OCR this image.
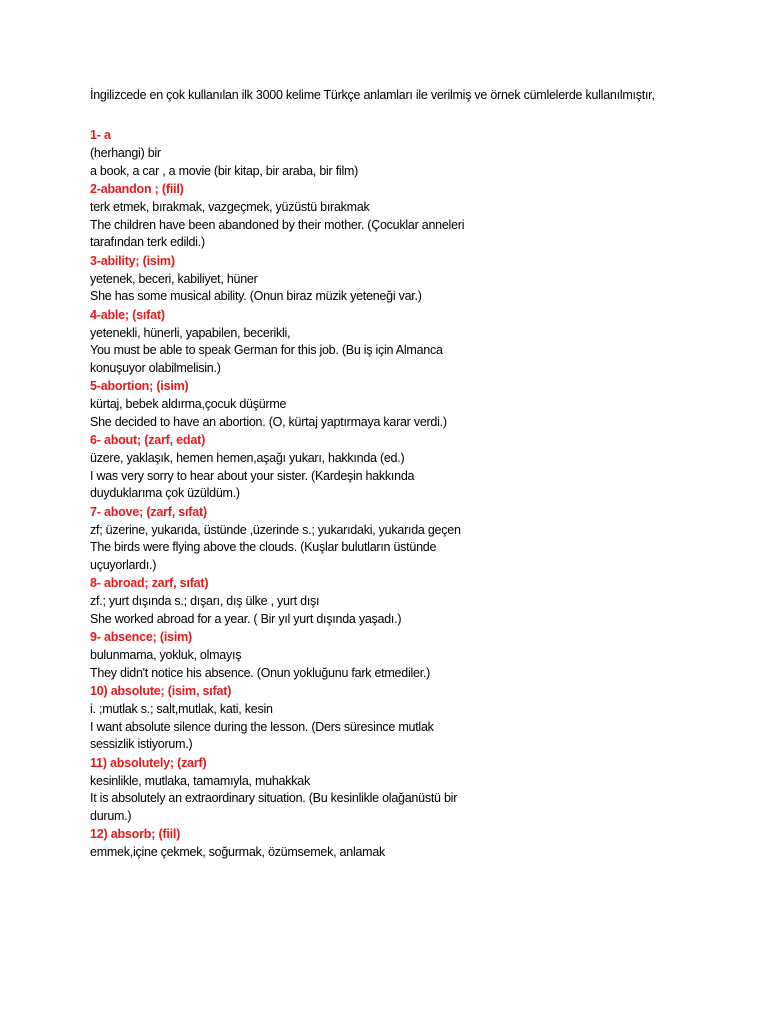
İngilizcede en çok kullanılan ilk 3000 kelime Türkçe anlamları ile verilmiş ve örnek cümlelerde kullanılmıştır,
1- a
(herhangi) bir
a book, a car , a movie (bir kitap, bir araba, bir film)
2-abandon ; (fiil)
terk etmek, bırakmak, vazgeçmek, yüzüstü bırakmak
The children have been abandoned by their mother. (Çocuklar anneleri tarafından terk edildi.)
3-ability; (isim)
yetenek, beceri, kabiliyet, hüner
She has some musical ability. (Onun biraz müzik yeteneği var.)
4-able; (sıfat)
yetenekli, hünerli, yapabilen, becerikli,
You must be able to speak German for this job. (Bu iş için Almanca konuşuyor olabilmelisin.)
5-abortion; (isim)
kürtaj, bebek aldırma,çocuk düşürme
She decided to have an abortion. (O, kürtaj yaptırmaya karar verdi.)
6- about; (zarf, edat)
üzere, yaklaşık, hemen hemen,aşağı yukarı, hakkında (ed.)
I was very sorry to hear about your sister. (Kardeşin hakkında duyduklarıma çok üzüldüm.)
7- above; (zarf, sıfat)
zf; üzerine, yukarıda, üstünde ,üzerinde s.; yukarıdaki, yukarıda geçen
The birds were flying above the clouds. (Kuşlar bulutların üstünde uçuyorlardı.)
8- abroad; zarf, sıfat)
zf.; yurt dışında s.; dışarı, dış ülke , yurt dışı
She worked abroad for a year. ( Bir yıl yurt dışında yaşadı.)
9- absence; (isim)
bulunmama, yokluk, olmayış
They didn't notice his absence. (Onun yokluğunu fark etmediler.)
10) absolute; (isim, sıfat)
i. ;mutlak s.; salt,mutlak, kati, kesin
I want absolute silence during the lesson. (Ders süresince mutlak sessizlik istiyorum.)
11) absolutely; (zarf)
kesinlikle, mutlaka, tamamıyla, muhakkak
It is absolutely an extraordinary situation. (Bu kesinlikle olağanüstü bir durum.)
12) absorb; (fiil)
emmek,içine çekmek, soğurmak, özümsemek, anlamak
